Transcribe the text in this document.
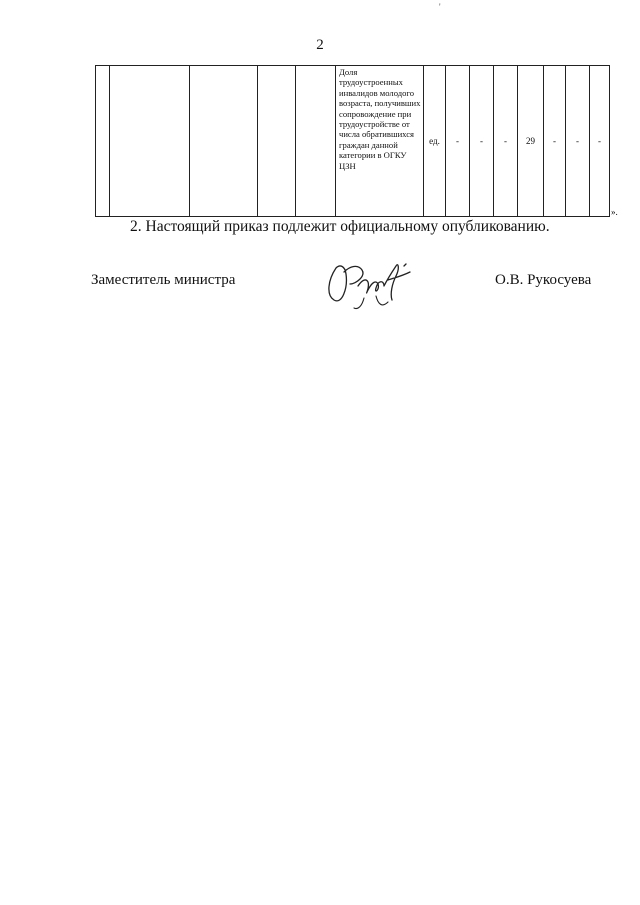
'
2
					Доля трудоустроенных инвалидов молодого возраста, получивших сопровождение при трудоустройстве от числа обратившихся граждан данной категории в ОГКУ ЦЗН	ед.	-	-	-	29	-	-	-
».
2. Настоящий приказ подлежит официальному опубликованию.
Заместитель министра	О.В. Рукосуева
